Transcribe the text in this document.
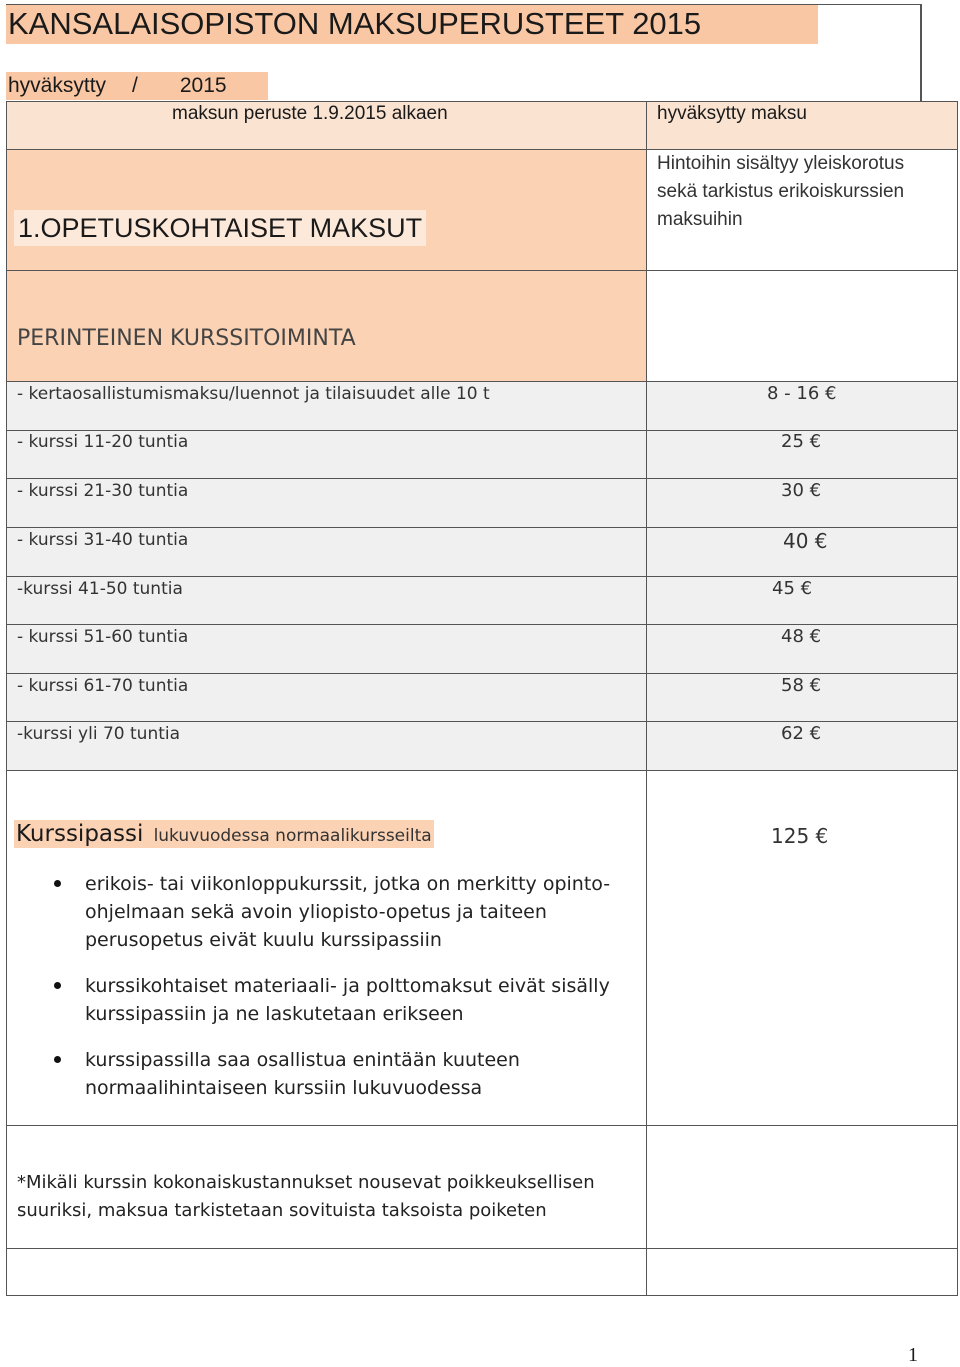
KANSALAISOPISTON MAKSUPERUSTEET 2015
hyväksytty / 2015
maksun peruste 1.9.2015 alkaen	hyväksytty maksu
1.OPETUSKOHTAISET MAKSUT
Hintoihin sisältyy yleiskorotus sekä tarkistus erikoiskurssien maksuihin
PERINTEINEN KURSSITOIMINTA
- kertaosallistumismaksu/luennot ja tilaisuudet alle 10 t
- kurssi 11-20 tuntia
- kurssi 21-30 tuntia
- kurssi 31-40 tuntia
-kurssi 41-50 tuntia
- kurssi 51-60 tuntia
- kurssi 61-70 tuntia
-kurssi yli 70 tuntia
8 - 16 €
25 €
30 €
40 €
45 €
48 €
58 €
62 €
Kurssipassi lukuvuodessa normaalikursseilta	125 €
erikois- tai viikonloppukurssit, jotka on merkitty opinto-ohjelmaan sekä avoin yliopisto-opetus ja taiteen perusopetus eivät kuulu kurssipassiin
kurssikohtaiset materiaali- ja polttomaksut eivät sisälly kurssipassiin ja ne laskutetaan erikseen
kurssipassilla saa osallistua enintään kuuteen normaalihintaiseen kurssiin lukuvuodessa
*Mikäli kurssin kokonaiskustannukset nousevat poikkeuksellisen suuriksi, maksua tarkistetaan sovituista taksoista poiketen
1
